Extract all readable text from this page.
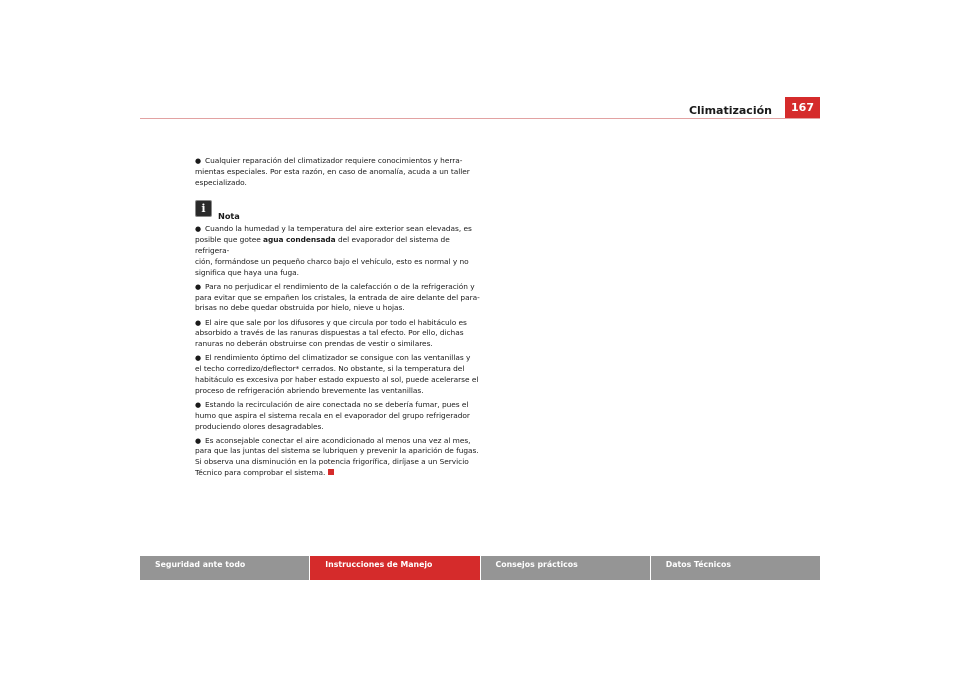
Climatización	167
● Cualquier reparación del climatizador requiere conocimientos y herra-
mientas especiales. Por esta razón, en caso de anomalía, acuda a un taller
especializado.
i
Nota
● Cuando la humedad y la temperatura del aire exterior sean elevadas, es
posible que gotee agua condensada del evaporador del sistema de refrigera-
ción, formándose un pequeño charco bajo el vehículo, esto es normal y no
significa que haya una fuga.
● Para no perjudicar el rendimiento de la calefacción o de la refrigeración y
para evitar que se empañen los cristales, la entrada de aire delante del para-
brisas no debe quedar obstruida por hielo, nieve u hojas.
● El aire que sale por los difusores y que circula por todo el habitáculo es
absorbido a través de las ranuras dispuestas a tal efecto. Por ello, dichas
ranuras no deberán obstruirse con prendas de vestir o similares.
● El rendimiento óptimo del climatizador se consigue con las ventanillas y
el techo corredizo/deflector* cerrados. No obstante, si la temperatura del
habitáculo es excesiva por haber estado expuesto al sol, puede acelerarse el
proceso de refrigeración abriendo brevemente las ventanillas.
● Estando la recirculación de aire conectada no se debería fumar, pues el
humo que aspira el sistema recala en el evaporador del grupo refrigerador
produciendo olores desagradables.
● Es aconsejable conectar el aire acondicionado al menos una vez al mes,
para que las juntas del sistema se lubriquen y prevenir la aparición de fugas.
Si observa una disminución en la potencia frigorífica, diríjase a un Servicio
Técnico para comprobar el sistema.
Seguridad ante todo	Instrucciones de Manejo	Consejos prácticos	Datos Técnicos
